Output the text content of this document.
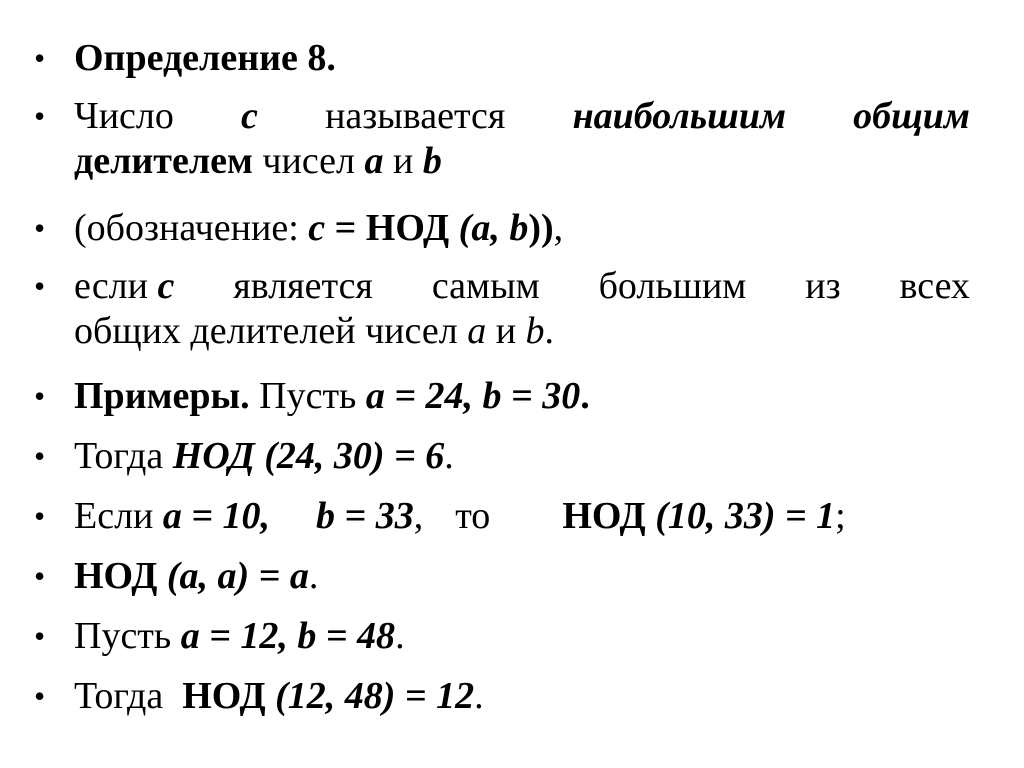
• Определение 8.
• Число c называется наибольшим общим
делителем чисел a и b
• (обозначение: c = НОД (a, b)),
• если c является самым большим из всех
общих делителей чисел a и b.
• Примеры. Пусть a = 24, b = 30.
• Тогда НОД (24, 30) = 6.
• Если a = 10, b = 33, то НОД (10, 33) = 1;
• НОД (a, a) = a.
• Пусть a = 12, b = 48.
• Тогда  НОД (12, 48) = 12.
